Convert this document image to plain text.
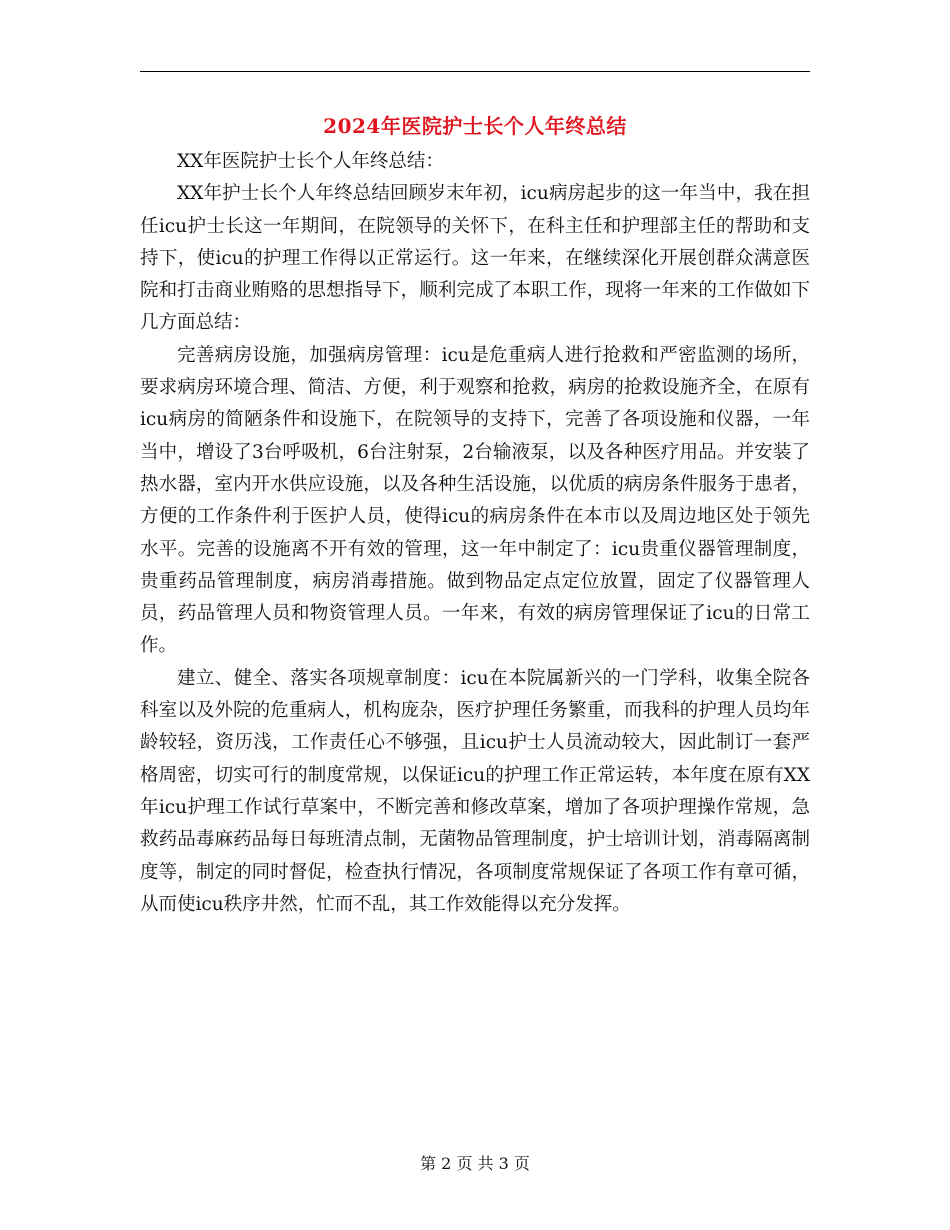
2024年医院护士长个人年终总结

XX年医院护士长个人年终总结：

XX年护士长个人年终总结回顾岁末年初，icu病房起步的这一年当中，我在担任icu护士长这一年期间，在院领导的关怀下，在科主任和护理部主任的帮助和支持下，使icu的护理工作得以正常运行。这一年来，在继续深化开展创群众满意医院和打击商业贿赂的思想指导下，顺利完成了本职工作，现将一年来的工作做如下几方面总结：

完善病房设施，加强病房管理：icu是危重病人进行抢救和严密监测的场所，要求病房环境合理、简洁、方便，利于观察和抢救，病房的抢救设施齐全，在原有icu病房的简陋条件和设施下，在院领导的支持下，完善了各项设施和仪器，一年当中，增设了3台呼吸机，6台注射泵，2台输液泵，以及各种医疗用品。并安装了热水器，室内开水供应设施，以及各种生活设施，以优质的病房条件服务于患者，方便的工作条件利于医护人员，使得icu的病房条件在本市以及周边地区处于领先水平。完善的设施离不开有效的管理，这一年中制定了：icu贵重仪器管理制度，贵重药品管理制度，病房消毒措施。做到物品定点定位放置，固定了仪器管理人员，药品管理人员和物资管理人员。一年来，有效的病房管理保证了icu的日常工作。

建立、健全、落实各项规章制度：icu在本院属新兴的一门学科，收集全院各科室以及外院的危重病人，机构庞杂，医疗护理任务繁重，而我科的护理人员均年龄较轻，资历浅，工作责任心不够强，且icu护士人员流动较大，因此制订一套严格周密，切实可行的制度常规，以保证icu的护理工作正常运转，本年度在原有XX年icu护理工作试行草案中，不断完善和修改草案，增加了各项护理操作常规，急救药品毒麻药品每日每班清点制，无菌物品管理制度，护士培训计划，消毒隔离制度等，制定的同时督促，检查执行情况，各项制度常规保证了各项工作有章可循，从而使icu秩序井然，忙而不乱，其工作效能得以充分发挥。

第 2 页 共 3 页
